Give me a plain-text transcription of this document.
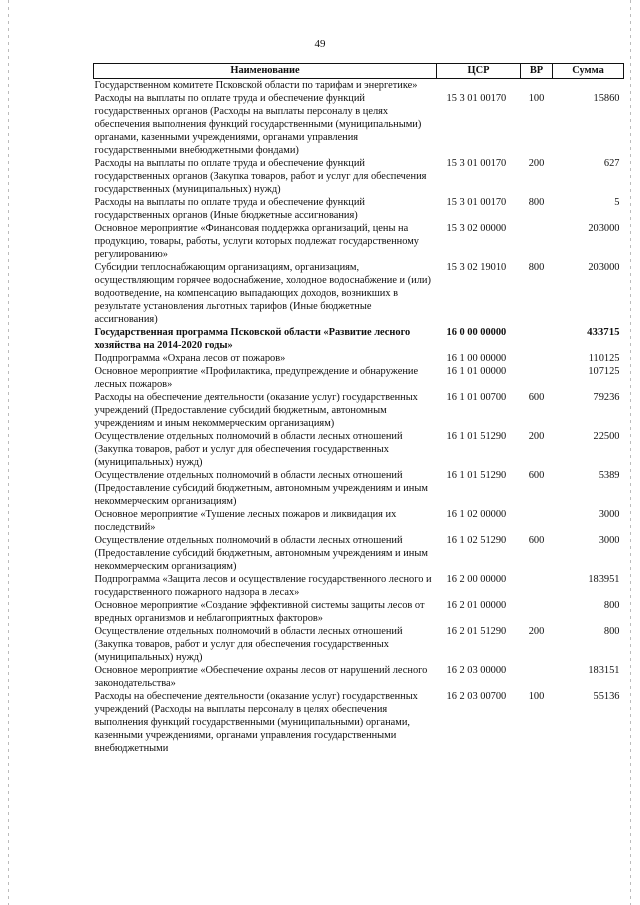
49
Наименование	ЦСР	ВР	Сумма
Государственном комитете Псковской области по тарифам и энергетике»			
Расходы на выплаты по оплате труда и обеспечение функций государственных органов (Расходы на выплаты персоналу в целях обеспечения выполнения функций государственными (муниципальными) органами, казенными учреждениями, органами управления государственными внебюджетными фондами)	15 3 01 00170	100	15860
Расходы на выплаты по оплате труда и обеспечение функций государственных органов (Закупка товаров, работ и услуг для обеспечения государственных (муниципальных) нужд)	15 3 01 00170	200	627
Расходы на выплаты по оплате труда и обеспечение функций государственных органов (Иные бюджетные ассигнования)	15 3 01 00170	800	5
Основное мероприятие «Финансовая поддержка организаций, цены на продукцию, товары, работы, услуги которых подлежат государственному регулированию»	15 3 02 00000		203000
Субсидии теплоснабжающим организациям, организациям, осуществляющим горячее водоснабжение, холодное водоснабжение и (или) водоотведение, на компенсацию выпадающих доходов, возникших в результате установления льготных тарифов (Иные бюджетные ассигнования)	15 3 02 19010	800	203000
Государственная программа Псковской области «Развитие лесного хозяйства на 2014-2020 годы»	16 0 00 00000		433715
Подпрограмма «Охрана лесов от пожаров»	16 1 00 00000		110125
Основное мероприятие «Профилактика, предупреждение и обнаружение лесных пожаров»	16 1 01 00000		107125
Расходы на обеспечение деятельности (оказание услуг) государственных учреждений (Предоставление субсидий бюджетным, автономным учреждениям и иным некоммерческим организациям)	16 1 01 00700	600	79236
Осуществление отдельных полномочий в области лесных отношений (Закупка товаров, работ и услуг для обеспечения государственных (муниципальных) нужд)	16 1 01 51290	200	22500
Осуществление отдельных полномочий в области лесных отношений (Предоставление субсидий бюджетным, автономным учреждениям и иным некоммерческим организациям)	16 1 01 51290	600	5389
Основное мероприятие «Тушение лесных пожаров и ликвидация их последствий»	16 1 02 00000		3000
Осуществление отдельных полномочий в области лесных отношений (Предоставление субсидий бюджетным, автономным учреждениям и иным некоммерческим организациям)	16 1 02 51290	600	3000
Подпрограмма «Защита лесов и осуществление государственного лесного и государственного пожарного надзора в лесах»	16 2 00 00000		183951
Основное мероприятие «Создание эффективной системы защиты лесов от вредных организмов и неблагоприятных факторов»	16 2 01 00000		800
Осуществление отдельных полномочий в области лесных отношений (Закупка товаров, работ и услуг для обеспечения государственных (муниципальных) нужд)	16 2 01 51290	200	800
Основное мероприятие «Обеспечение охраны лесов от нарушений лесного законодательства»	16 2 03 00000		183151
Расходы на обеспечение деятельности (оказание услуг) государственных учреждений (Расходы на выплаты персоналу в целях обеспечения выполнения функций государственными (муниципальными) органами, казенными учреждениями, органами управления государственными внебюджетными	16 2 03 00700	100	55136
